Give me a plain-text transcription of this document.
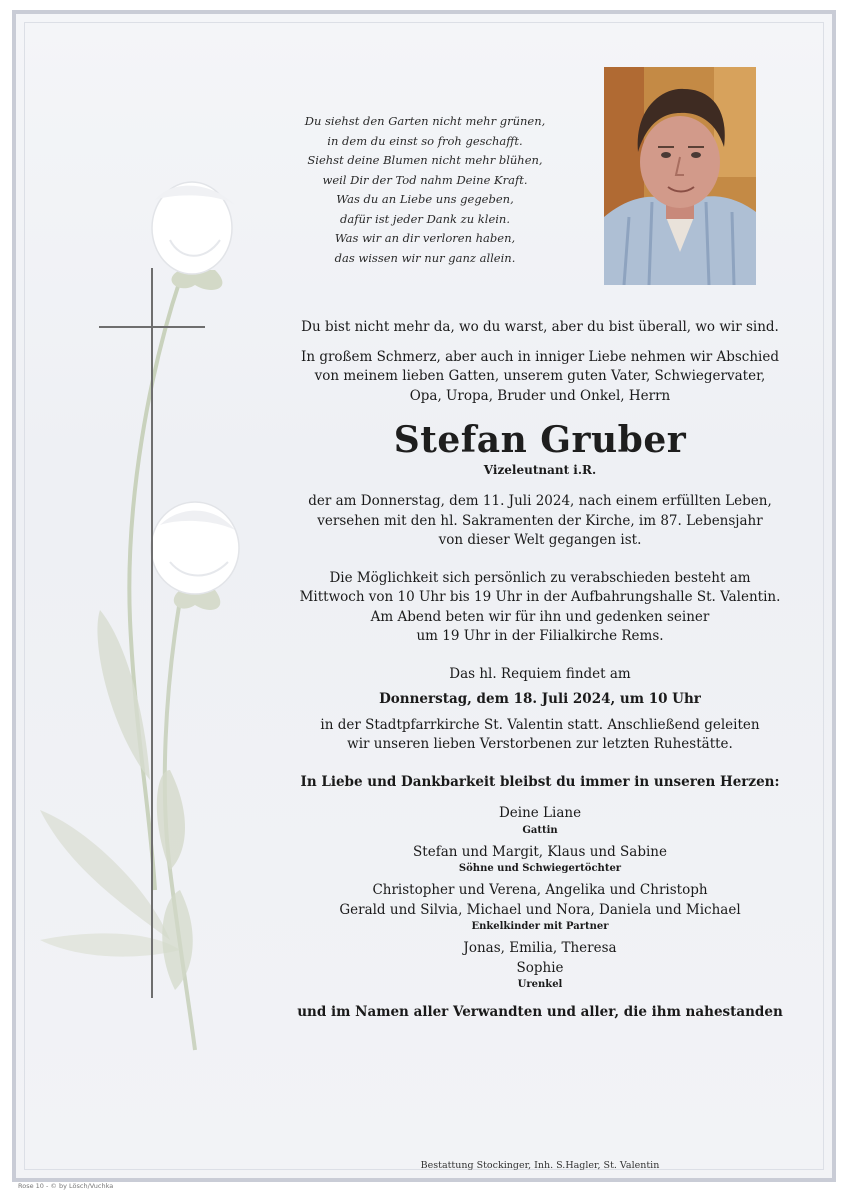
Du siehst den Garten nicht mehr grünen,
in dem du einst so froh geschafft.
Siehst deine Blumen nicht mehr blühen,
weil Dir der Tod nahm Deine Kraft.
Was du an Liebe uns gegeben,
dafür ist jeder Dank zu klein.
Was wir an dir verloren haben,
das wissen wir nur ganz allein.

Du bist nicht mehr da, wo du warst, aber du bist überall, wo wir sind.

In großem Schmerz, aber auch in inniger Liebe nehmen wir Abschied

von meinem lieben Gatten, unserem guten Vater, Schwiegervater,

Opa, Uropa, Bruder und Onkel, Herrn

Stefan Gruber

Vizeleutnant i.R.

der am Donnerstag, dem 11. Juli 2024, nach einem erfüllten Leben,

versehen mit den hl. Sakramenten der Kirche, im 87. Lebensjahr

von dieser Welt gegangen ist.

Die Möglichkeit sich persönlich zu verabschieden besteht am

Mittwoch von 10 Uhr bis 19 Uhr in der Aufbahrungshalle St. Valentin.

Am Abend beten wir für ihn und gedenken seiner

um 19 Uhr in der Filialkirche Rems.

Das hl. Requiem findet am

Donnerstag, dem 18. Juli 2024, um 10 Uhr

in der Stadtpfarrkirche St. Valentin statt. Anschließend geleiten

wir unseren lieben Verstorbenen zur letzten Ruhestätte.

In Liebe und Dankbarkeit bleibst du immer in unseren Herzen:

Deine Liane

Gattin

Stefan und Margit, Klaus und Sabine

Söhne und Schwiegertöchter

Christopher und Verena, Angelika und Christoph

Gerald und Silvia, Michael und Nora, Daniela und Michael

Enkelkinder mit Partner

Jonas, Emilia, Theresa

Sophie

Urenkel

und im Namen aller Verwandten und aller, die ihm nahestanden

Bestattung Stockinger, Inh. S.Hagler, St. Valentin
Rose 10 - © by Lösch/Vuchka
